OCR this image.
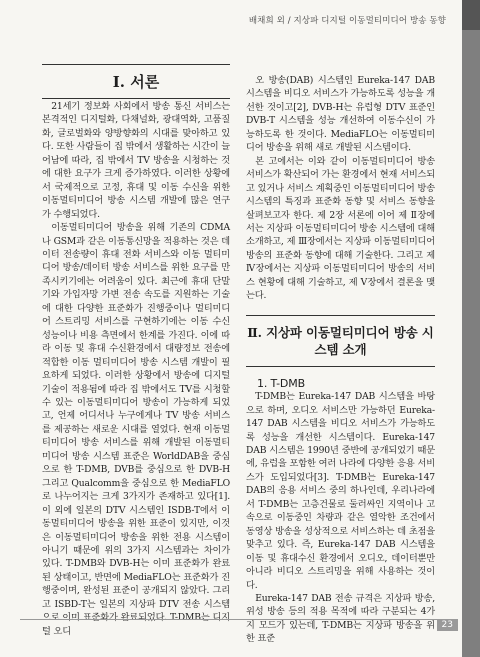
배채희 외 / 지상파 디지털 이동멀티미디어 방송 동향
Ⅰ. 서론

21세기 정보화 사회에서 방송 통신 서비스는 본격적인 디지털화, 다채널화, 광대역화, 고품질화, 글로벌화와 양방향화의 시대를 맞아하고 있다. 또한 사람들이 집 밖에서 생활하는 시간이 늘어남에 따라, 집 밖에서 TV 방송을 시청하는 것에 대한 요구가 크게 증가하였다. 이러한 상황에서 국제적으로 고정, 휴대 및 이동 수신을 위한 이동멀티미디어 방송 시스템 개발에 많은 연구가 수행되었다.

이동멀티미디어 방송을 위해 기존의 CDMA나 GSM과 같은 이동통신망을 적용하는 것은 데이터 전송량이 휴대 전화 서비스와 이동 멀티미디어 방송/데이터 방송 서비스를 위한 요구를 만족시키기에는 어려움이 있다. 최근에 휴대 단말기와 가입자망 가변 전송 속도를 지원하는 기술에 대한 다양한 표준화가 진행중이나 멀티미디어 스트리밍 서비스를 구현하기에는 이동 수신 성능이나 비용 측면에서 한계를 가진다. 이에 따라 이동 및 휴대 수신환경에서 대량정보 전송에 적합한 이동 멀티미디어 방송 시스템 개발이 필요하게 되었다. 이러한 상황에서 방송에 디지털 기술이 적용됨에 따라 집 밖에서도 TV를 시청할 수 있는 이동멀티미디어 방송이 가능하게 되었고, 언제 어디서나 누구에게나 TV 방송 서비스를 제공하는 새로운 시대를 열었다. 현재 이동멀티미디어 방송 서비스를 위해 개발된 이동멀티미디어 방송 시스템 표준은 WorldDAB을 중심으로 한 T-DMB, DVB를 중심으로 한 DVB-H 그리고 Qualcomm을 중심으로 한 MediaFLO로 나누어지는 크게 3가지가 존재하고 있다[1]. 이 외에 일본의 DTV 시스템인 ISDB-T에서 이동멀티미디어 방송을 위한 표준이 있지만, 이것은 이동멀티미디어 방송을 위한 전용 시스템이 아니기 때문에 위의 3가지 시스템과는 차이가 있다. T-DMB와 DVB-H는 이미 표준화가 완료된 상태이고, 반면에 MediaFLO는 표준화가 진행중이며, 완성된 표준이 공개되지 않았다. 그리고 ISBD-T는 일본의 지상파 DTV 전송 시스템으로 이미 표준화가 완료되었다. T-DMB는 디지털 오디

오 방송(DAB) 시스템인 Eureka-147 DAB 시스템을 비디오 서비스가 가능하도록 성능을 개선한 것이고[2], DVB-H는 유럽형 DTV 표준인 DVB-T 시스템을 성능 개선하여 이동수신이 가능하도록 한 것이다. MediaFLO는 이동멀티미디어 방송을 위해 새로 개발된 시스템이다.

본 고에서는 이와 같이 이동멀티미디어 방송 서비스가 확산되어 가는 환경에서 현재 서비스되고 있거나 서비스 계획중인 이동멀티미디어 방송 시스템의 특징과 표준화 동향 및 서비스 동향을 살펴보고자 한다. 제 2장 서론에 이어 제 Ⅱ장에서는 지상파 이동멀티미디어 방송 시스템에 대해 소개하고, 제 Ⅲ장에서는 지상파 이동멀티미디어 방송의 표준화 동향에 대해 기술한다. 그리고 제 Ⅳ장에서는 지상파 이동멀티미디어 방송의 서비스 현황에 대해 기술하고, 제 Ⅴ장에서 결론을 맺는다.

Ⅱ. 지상파 이동멀티미디어 방송 시스템 소개

1. T-DMB

T-DMB는 Eureka-147 DAB 시스템을 바탕으로 하며, 오디오 서비스만 가능하던 Eureka-147 DAB 시스템을 비디오 서비스가 가능하도록 성능을 개선한 시스템이다. Eureka-147 DAB 시스템은 1990년 중반에 공개되었기 때문에, 유럽을 포함한 여러 나라에 다양한 응용 서비스가 도입되었다[3]. T-DMB는 Eureka-147 DAB의 응용 서비스 중의 하나인데, 우리나라에서 T-DMB는 고층건물로 둘러싸인 지역이나 고속으로 이동중인 차량과 같은 열악한 조건에서 동영상 방송을 성상적으로 서비스하는 데 초점을 맞추고 있다. 즉, Eureka-147 DAB 시스템을 이동 및 휴대수신 환경에서 오디오, 데이터뿐만 아니라 비디오 스트리밍을 위해 사용하는 것이다.

Eureka-147 DAB 전송 규격은 지상파 방송, 위성 방송 등의 적용 목적에 따라 구분되는 4가지 모드가 있는데, T-DMB는 지상파 방송을 위한 표준

23
